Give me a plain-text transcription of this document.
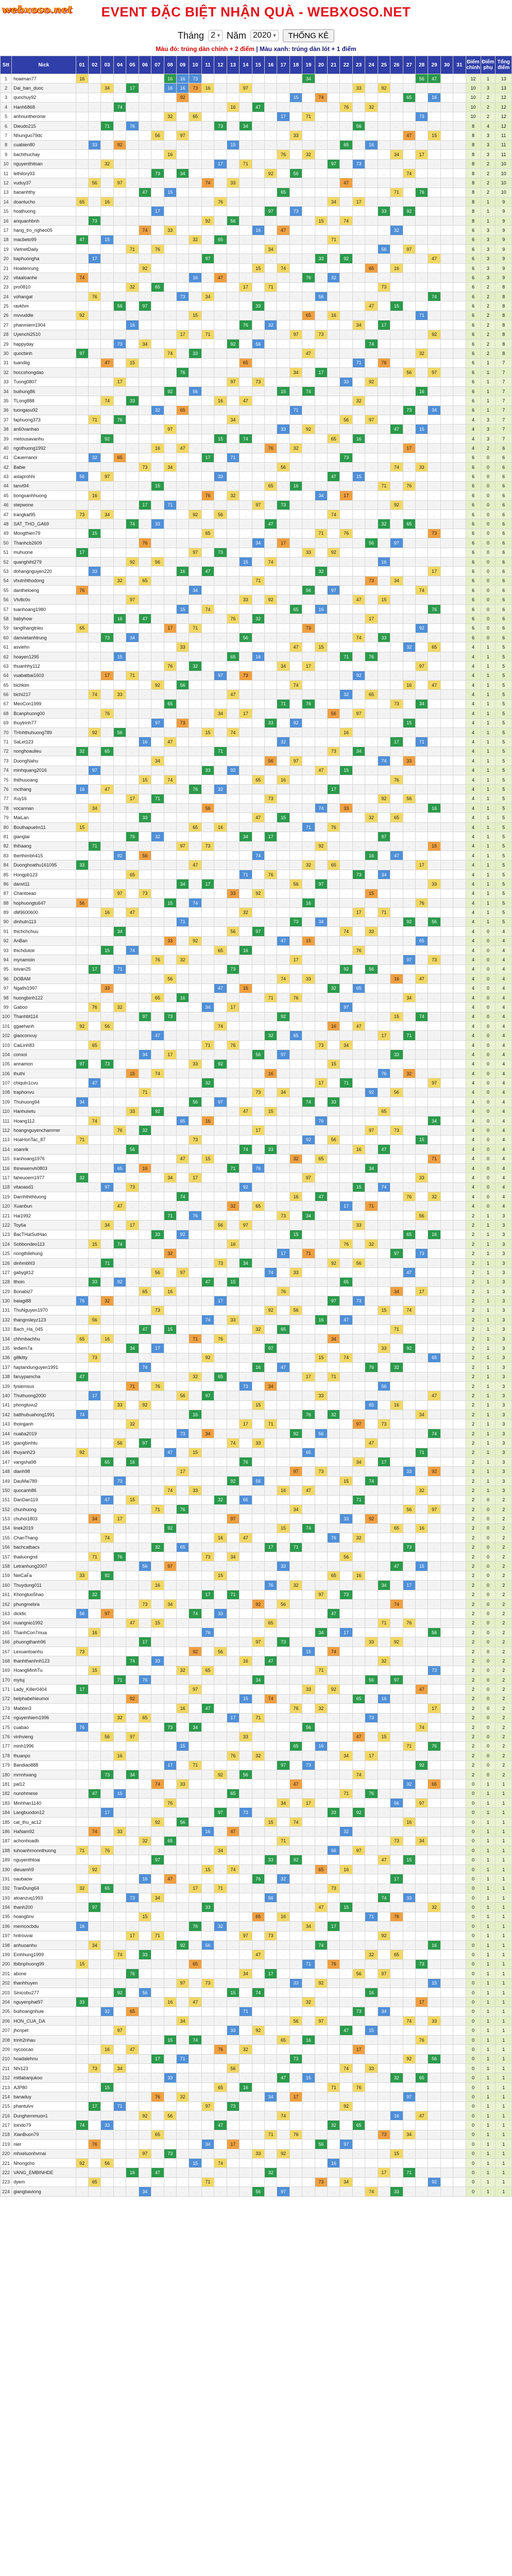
webxoso.net	EVENT ĐẶC BIỆT NHẬN QUÀ - WEBXOSO.NET
Tháng 2 ▾ Năm 2020 ▾	THỐNG KÊ
Màu đỏ: trúng dàn chính + 2 điểm | Màu xanh: trúng dàn lót + 1 điểm
Stt	Nick	01	02	03	04	05	06	07	08	09	10	11	12	13	14	15	16	17	18	19	20	21	22	23	24	25	26	27	28	29	30	31	Điểm chính	Điểm phụ	Tổng điểm
1	hoaiman77	16	.	.	.	.	.	.	16	16	73	.	.	.	.	.	.	.	.	34	.	.	.	.	.	.	.	.	56	47			12	1	13
2	Dai_ban_duoc	.	.	34	.	17	.	.	16	16	73	16	.	.	97	.	.	.	.	.	.	.	.	33	.	92	.	.	.	.			10	3	13
3	quochuy92	.	.	.	.	.	.	.	.	92	.	.	.	.	.	.	.	.	15	.	74	.	.	.	.	.	.	65	.	16			10	2	12
4	Hanh6868	.	.	.	74	.	.	.	.	.	.	.	.	16	.	47	.	.	.	.	.	.	76	.	32	.	.	.	.	.			10	2	12
5	anhnuntheronw	.	.	.	.	.	.	.	32	.	65	.	.	.	.	.	.	17	.	71	.	.	.	.	.	.	.	.	73	.			10	2	12
6	Dieudo215	.	.	71	.	76	.	.	.	.	.	.	73	.	34	.	.	.	.	.	.	.	.	56	.	.	.	.	.	.			8	4	12
7	Nhunguo79dc	.	.	.	.	.	.	56	.	97	.	.	.	.	.	.	.	.	33	.	.	.	.	.	.	.	.	47	.	15			8	3	11
8	cuabien80	.	33	.	92	.	.	.	.	.	.	.	.	15	.	.	.	.	.	.	.	.	65	.	16	.	.	.	.	.			8	3	11
9	bachthuchay	.	.	.	.	.	.	.	16	.	.	.	.	.	.	.	.	76	.	32	.	.	.	.	.	.	34	.	17	.			8	3	11
10	nguyenthitoan	.	.	32	.	.	.	.	.	.	.	.	17	.	71	.	.	.	.	.	.	97	.	73	.	.	.	.	.	.			8	2	10
11	lethilory93	.	.	.	.	.	.	73	.	34	.	.	.	.	.	.	92	.	56	.	.	.	.	.	.	.	.	74	.	.			8	2	10
12	vuduy37	.	56	.	97	.	.	.	.	.	.	74	.	33	.	.	.	.	.	.	.	.	47	.	.	.	.	.	.	.			8	2	10
13	baoanhthy	.	.	.	.	.	47	.	15	.	.	.	.	.	.	.	.	65	.	.	.	.	.	.	.	.	71	.	76	.			8	2	10
14	doantucho	65	.	16	.	.	.	.	.	.	.	.	76	.	.	.	.	.	.	.	.	34	.	17	.	.	.	.	.	.			8	1	9
15	hoathuong	.	.	.	.	.	.	17	.	.	.	.	.	.	.	.	97	.	73	.	.	.	.	.	.	33	.	92	.	.			8	1	9
16	anquanhbnh	.	73	.	.	.	.	.	.	.	.	92	.	56	.	.	.	.	.	.	15	.	74	.	.	.	.	.	.	.			8	1	9
17	hang_tro_ngheo05	.	.	.	.	.	74	.	33	.	.	.	.	.	.	16	.	47	.	.	.	.	.	.	.	.	32	.	.	.			6	3	9
18	macbeto99	47	.	15	.	.	.	.	.	.	32	.	65	.	.	.	.	.	.	.	.	71	.	.	.	.	.	.	.	.			6	3	9
19	VietnetDaily	.	.	.	.	71	.	76	.	.	.	.	.	.	.	.	34	.	.	.	.	.	.	.	.	56	.	97	.	.			6	3	9
20	baphuongha	.	17	.	.	.	.	.	.	.	.	97	.	.	.	.	.	.	.	.	33	.	92	.	.	.	.	.	.	47			6	3	9
21	Hoailenrung	.	.	.	.	.	92	.	.	.	.	.	.	.	.	15	.	74	.	.	.	.	.	.	65	.	16	.	.	.			6	3	9
22	vitaaloanhe	74	.	.	.	.	.	.	.	.	16	.	47	.	.	.	.	.	.	76	.	32	.	.	.	.	.	.	.	.			6	3	9
23	pro0810	.	.	.	.	32	.	65	.	.	.	.	.	.	17	.	71	.	.	.	.	.	.	.	.	73	.	.	.	.			6	2	8
24	vohangat	.	76	.	.	.	.	.	.	73	.	34	.	.	.	.	.	.	.	.	56	.	.	.	.	.	.	.	.	74			6	2	8
25	ravkhm	.	.	.	56	.	97	.	.	.	.	.	.	.	.	33	.	.	.	.	.	.	.	.	47	.	15	.	.	.			6	2	8
26	mvvuddle	92	.	.	.	.	.	.	.	.	15	.	.	.	.	.	.	.	.	65	.	16	.	.	.	.	.	.	71	.			6	2	8
27	phanmiem1904	.	.	.	.	16	.	.	.	.	.	.	.	.	76	.	32	.	.	.	.	.	.	34	.	17	.	.	.	.			6	2	8
28	Uyenchi2510	.	.	.	.	.	.	.	.	17	.	71	.	.	.	.	.	.	97	.	73	.	.	.	.	.	.	.	.	92			6	2	8
29	happyday	.	.	.	73	.	34	.	.	.	.	.	.	92	.	56	.	.	.	.	.	.	.	.	74	.	.	.	.	.			6	2	8
30	quocbinh	97	.	.	.	.	.	.	74	.	33	.	.	.	.	.	.	.	.	47	.	.	.	.	.	.	.	.	32	.			6	2	8
31	tuandiig	.	.	47	.	15	.	.	.	.	.	.	.	.	65	.	.	.	.	.	.	.	.	71	.	76	.	.	.	.			6	1	7
32	hoccshongdao	.	.	.	.	.	.	.	.	76	.	.	.	.	.	.	.	.	34	.	17	.	.	.	.	.	.	56	.	97			6	1	7
33	Tuong0807	.	.	.	17	.	.	.	.	.	.	.	.	97	.	73	.	.	.	.	.	.	33	.	92	.	.	.	.	.			6	1	7
34	buihung86	.	.	.	.	.	.	.	92	.	56	.	.	.	.	.	.	15	.	74	.	.	.	.	.	.	.	.	16	.			6	1	7
35	TLong888	.	.	74	.	33	.	.	.	.	.	.	16	.	47	.	.	.	.	.	.	.	.	32	.	.	.	.	.	.			6	1	7
36	tuongasu92	.	.	.	.	.	.	32	.	65	.	.	.	.	.	.	.	.	71	.	.	.	.	.	.	.	.	73	.	34			6	1	7
37	faphuong373	.	71	.	76	.	.	.	.	.	.	.	.	34	.	.	.	.	.	.	.	.	56	.	97	.	.	.	.	.			4	3	7
38	an60vanhao	.	.	.	.	.	.	.	97	.	.	.	.	.	.	.	.	33	.	92	.	.	.	.	.	.	47	.	15	.			4	3	7
39	metousavanhu	.	.	92	.	.	.	.	.	.	.	.	15	.	74	.	.	.	.	.	.	65	.	16	.	.	.	.	.	.			4	3	7
40	ngothuong1992	.	.	.	.	.	.	16	.	47	.	.	.	.	.	.	76	.	32	.	.	.	.	.	.	.	.	17	.	.			4	2	6
41	Cauemanoi	.	32	.	65	.	.	.	.	.	.	17	.	71	.	.	.	.	.	.	.	.	73	.	.	.	.	.	.	.			6	0	6
42	Babie	.	.	.	.	.	73	.	34	.	.	.	.	.	.	.	.	56	.	.	.	.	.	.	.	.	74	.	33	.			6	0	6
43	aslaprohhi	56	.	97	.	.	.	.	.	.	.	.	33	.	.	.	.	.	.	.	.	47	.	15	.	.	.	.	.	.			6	0	6
44	tanvt94	.	.	.	.	.	.	15	.	.	.	.	.	.	.	.	65	.	16	.	.	.	.	.	.	71	.	76	.	.			6	0	6
45	bongxanhhuong	.	16	.	.	.	.	.	.	.	.	76	.	32	.	.	.	.	.	.	34	.	17	.	.	.	.	.	.	.			6	0	6
46	stepwone	.	.	.	.	.	17	.	71	.	.	.	.	.	.	97	.	73	.	.	.	.	.	.	.	.	92	.	.	.			6	0	6
47	trangkat95	73	.	34	.	.	.	.	.	.	92	.	56	.	.	.	.	.	.	.	.	74	.	.	.	.	.	.	.	.			6	0	6
48	SAT_THO_GA69	.	.	.	.	74	.	33	.	.	.	.	.	.	.	.	47	.	.	.	.	.	.	.	.	32	.	65	.	.			6	0	6
49	Mongthien79	.	15	.	.	.	.	.	.	.	.	65	.	.	.	.	.	.	.	.	71	.	76	.	.	.	.	.	.	73			6	0	6
50	Thanhcb2609	.	.	.	.	.	76	.	.	.	.	.	.	.	.	34	.	17	.	.	.	.	.	.	56	.	97	.	.	.			6	0	6
51	muhuone	17	.	.	.	.	.	.	.	.	97	.	73	.	.	.	.	.	.	33	.	92	.	.	.	.	.	.	.	.			6	0	6
52	quanghiht279	.	.	.	.	92	.	56	.	.	.	.	.	.	15	.	74	.	.	.	.	.	.	.	.	16	.	.	.	.			6	0	6
53	dohangnguyen220	.	33	.	.	.	.	.	.	16	.	47	.	.	.	.	.	.	.	.	32	.	.	.	.	.	.	.	.	17			6	0	6
54	vhutnhthodong	.	.	.	32	.	65	.	.	.	.	.	.	.	.	71	.	.	.	.	.	.	.	.	73	.	34	.	.	.			6	0	6
55	dantheloeng	76	.	.	.	.	.	.	.	.	34	.	.	.	.	.	.	.	.	56	.	97	.	.	.	.	.	.	74	.			6	0	6
56	Vtv8c0o	.	.	.	.	97	.	.	.	.	.	.	.	.	33	.	92	.	.	.	.	.	.	47	.	15	.	.	.	.			6	0	6
57	tuanhoang1980	.	.	.	.	.	.	.	.	15	.	74	.	.	.	.	.	.	65	.	16	.	.	.	.	.	.	.	.	76			6	0	6
58	babyhow	.	.	.	16	.	47	.	.	.	.	.	.	76	.	32	.	.	.	.	.	.	.	.	17	.	.	.	.	.			6	0	6
59	tangthangtrieu	65	.	.	.	.	.	.	17	.	71	.	.	.	.	.	.	.	.	73	.	.	.	.	.	.	.	.	92	.			6	0	6
60	danvietanhtrung	.	.	73	.	34	.	.	.	.	.	.	.	.	56	.	.	.	.	.	.	.	.	74	.	33	.	.	.	.			6	0	6
61	asviehn	.	.	.	.	.	.	.	.	33	.	.	.	.	.	.	.	.	47	.	15	.	.	.	.	.	.	32	.	65			4	1	5
62	hoayen1295	.	.	.	15	.	.	.	.	.	.	.	.	65	.	16	.	.	.	.	.	.	71	.	76	.	.	.	.	.			4	1	5
63	thuanhhy112	.	.	.	.	.	.	.	76	.	32	.	.	.	.	.	.	34	.	17	.	.	.	.	.	.	.	.	97	.			4	1	5
64	vuabatbai1603	.	.	17	.	71	.	.	.	.	.	.	97	.	73	.	.	.	.	.	.	.	.	92	.	.	.	.	.	.			4	1	5
65	bichkim	.	.	.	.	.	.	92	.	56	.	.	.	.	.	.	.	.	74	.	.	.	.	.	.	.	.	16	.	47			4	1	5
66	bichi217	.	74	.	33	.	.	.	.	.	.	.	.	47	.	.	.	.	.	.	.	.	32	.	65	.	.	.	.	.			4	1	5
67	MeoCon1999	.	.	.	.	.	.	.	65	.	.	.	.	.	.	.	.	71	.	76	.	.	.	.	.	.	73	.	34	.			4	1	5
68	Bcanphuong00	.	.	76	.	.	.	.	.	.	.	.	34	.	17	.	.	.	.	.	.	56	.	97	.	.	.	.	.	.			4	1	5
69	thuytrinh77	.	.	.	.	.	.	97	.	73	.	.	.	.	.	.	33	.	92	.	.	.	.	.	.	.	.	15	.	.			4	1	5
70	THnhthuhuong789	.	92	.	56	.	.	.	.	.	.	15	.	74	.	.	.	.	.	.	.	.	16	.	.	.	.	.	.	.			4	1	5
71	SaLet123	.	.	.	.	.	16	.	47	.	.	.	.	.	.	.	.	32	.	.	.	.	.	.	.	.	17	.	71	.			4	1	5
72	nonghoaulieu	32	.	65	.	.	.	.	.	.	.	.	71	.	.	.	.	.	.	.	.	73	.	34	.	.	.	.	.	.			4	1	5
73	DuongNahu	.	.	.	.	.	.	34	.	.	.	.	.	.	.	.	56	.	97	.	.	.	.	.	.	74	.	33	.	.			4	1	5
74	minhquang2016	.	97	.	.	.	.	.	.	.	.	33	.	92	.	.	.	.	.	.	47	.	15	.	.	.	.	.	.	.			4	1	5
75	thithuuoang	.	.	.	.	.	15	.	74	.	.	.	.	.	.	65	.	16	.	.	.	.	.	.	.	.	76	.	.	.			4	1	5
76	mcthang	16	.	47	.	.	.	.	.	.	76	.	32	.	.	.	.	.	.	.	.	17	.	.	.	.	.	.	.	.			4	1	5
77	Xuy16	.	.	.	.	17	.	71	.	.	.	.	.	.	.	.	73	.	.	.	.	.	.	.	.	92	.	56	.	.			4	1	5
78	vocannan	.	34	.	.	.	.	.	.	.	.	56	.	.	.	.	.	.	.	.	74	.	33	.	.	.	.	.	.	16			4	1	5
79	MaiLan	.	.	.	.	.	33	.	.	.	.	.	.	.	.	47	.	15	.	.	.	.	.	.	32	.	65	.	.	.			4	1	5
80	Bouthapuelm11	15	.	.	.	.	.	.	.	.	65	.	16	.	.	.	.	.	.	71	.	76	.	.	.	.	.	.	.	.			4	1	5
81	gianglai	.	.	.	.	76	.	32	.	.	.	.	.	.	34	.	17	.	.	.	.	.	.	.	.	97	.	.	.	.			4	1	5
82	thihaang	.	71	.	.	.	.	.	.	97	.	73	.	.	.	.	.	.	.	.	92	.	.	.	.	.	.	.	.	15			4	1	5
83	lberthimbh415	.	.	.	92	.	56	.	.	.	.	.	.	.	.	74	.	.	.	.	.	.	.	.	16	.	47	.	.	.			4	1	5
84	Duonghoathu161095	33	.	.	.	.	.	.	.	.	47	.	.	.	.	.	.	.	.	32	.	65	.	.	.	.	.	.	17	.			4	1	5
85	Hongpb123	.	.	.	.	65	.	.	.	.	.	.	.	.	71	.	76	.	.	.	.	.	.	73	.	34	.	.	.	.			4	1	5
86	danvt11	.	.	.	.	.	.	.	.	34	.	17	.	.	.	.	.	.	56	.	97	.	.	.	.	.	.	.	.	33			4	1	5
87	Chantoeao	.	.	.	97	.	73	.	.	.	.	.	.	33	.	92	.	.	.	.	.	.	.	.	15	.	.	.	.	.			4	1	5
88	hophuongtu647	56	.	.	.	.	.	.	15	.	74	.	.	.	.	.	.	.	.	16	.	.	.	.	.	.	.	.	76	.			4	1	5
89	dM9600600	.	.	16	.	47	.	.	.	.	.	.	.	.	32	.	.	.	.	.	.	.	.	17	.	71	.	.	.	.			4	1	5
90	dinhutn113	.	.	.	.	.	.	.	.	71	.	.	.	.	.	.	.	.	73	.	34	.	.	.	.	.	.	92	.	56			4	1	5
91	thichchchuu	.	.	.	34	.	.	.	.	.	.	.	.	56	.	97	.	.	.	.	.	.	74	.	33	.	.	.	.	.			4	0	4
92	AnBan	.	.	.	.	.	.	.	33	.	92	.	.	.	.	.	.	47	.	15	.	.	.	.	.	.	.	.	65	.			4	0	4
93	thichdutoir	.	.	15	.	74	.	.	.	.	.	.	65	.	16	.	.	.	.	.	.	.	.	76	.	.	.	.	.	.			4	0	4
94	mynamoin	.	.	.	.	.	.	76	.	32	.	.	.	.	.	.	.	.	17	.	.	.	.	.	.	.	.	97	.	73			4	0	4
95	loivan25	.	17	.	71	.	.	.	.	.	.	.	.	73	.	.	.	.	.	.	.	.	92	.	56	.	.	.	.	.			4	0	4
96	DOBAM	.	.	.	.	.	.	.	56	.	.	.	.	.	.	.	.	74	.	33	.	.	.	.	.	.	16	.	47	.			4	0	4
97	Ngathi1997	.	.	33	.	.	.	.	.	.	.	.	47	.	15	.	.	.	.	.	.	32	.	65	.	.	.	.	.	.			4	0	4
98	huongbinh122	.	.	.	.	.	.	65	.	16	.	.	.	.	.	.	71	.	76	.	.	.	.	.	.	.	.	34	.	.			4	0	4
99	Gaboo	.	76	.	32	.	.	.	.	.	.	34	.	17	.	.	.	.	.	.	.	.	97	.	.	.	.	.	.	.			4	0	4
100	Thanhbt114	.	.	.	.	.	97	.	73	.	.	.	.	.	.	.	.	92	.	.	.	.	.	.	.	.	15	.	74	.			4	0	4
101	ggaehanh	92	.	56	.	.	.	.	.	.	.	.	74	.	.	.	.	.	.	.	.	16	.	47	.	.	.	.	.	.			4	0	4
102	giaoconvuy	.	.	.	.	.	.	47	.	.	.	.	.	.	.	.	32	.	65	.	.	.	.	.	.	17	.	71	.	.			4	0	4
103	CaiLinh83	.	65	.	.	.	.	.	.	.	.	71	.	76	.	.	.	.	.	.	73	.	34	.	.	.	.	.	.	.			4	0	4
104	conxoi	.	.	.	.	.	34	.	17	.	.	.	.	.	.	56	.	97	.	.	.	.	.	.	.	.	33	.	.	.			4	0	4
105	annamon	97	.	73	.	.	.	.	.	.	33	.	92	.	.	.	.	.	.	.	.	15	.	.	.	.	.	.	.	.			4	0	4
106	thuthi	.	.	.	.	15	.	74	.	.	.	.	.	.	.	.	16	.	.	.	.	.	.	.	.	76	.	32	.	.			4	0	4
107	chiquln1cvu	.	47	.	.	.	.	.	.	.	.	32	.	.	.	.	.	.	.	.	17	.	71	.	.	.	.	.	.	97			4	0	4
108	traphonvu	.	.	.	.	.	71	.	.	.	.	.	.	.	.	73	.	34	.	.	.	.	.	.	92	.	56	.	.	.			4	0	4
109	Thuhuong94	34	.	.	.	.	.	.	.	.	56	.	97	.	.	.	.	.	.	74	.	33	.	.	.	.	.	.	.	.			4	0	4
110	Hanhuiwtu	.	.	.	.	33	.	92	.	.	.	.	.	.	47	.	15	.	.	.	.	.	.	.	.	65	.	.	.	.			4	0	4
111	Hoang112	.	74	.	.	.	.	.	.	65	.	16	.	.	.	.	.	.	.	.	76	.	.	.	.	.	.	.	.	34			4	0	4
112	hoangnguyenchamrrer	.	.	.	76	.	32	.	.	.	.	.	.	.	.	17	.	.	.	.	.	.	.	.	97	.	73	.	.	.			4	0	4
113	HoaHonTac_87	71	.	.	.	.	.	.	.	.	73	.	.	.	.	.	.	.	.	92	.	56	.	.	.	.	.	.	15	.			4	0	4
114	xoanrik	.	.	.	.	56	.	.	.	.	.	.	.	.	74	.	33	.	.	.	.	.	.	16	.	47	.	.	.	.			4	0	4
115	tranhoang1976	.	.	.	.	.	.	.	.	47	.	15	.	.	.	.	.	.	32	.	65	.	.	.	.	.	.	.	.	71			4	0	4
116	thinewenvh0803	.	.	.	65	.	16	.	.	.	.	.	.	71	.	76	.	.	.	.	.	.	.	.	34	.	.	.	.	.			4	0	4
117	faheuoem1977	32	.	.	.	.	.	.	34	.	17	.	.	.	.	.	.	.	.	97	.	.	.	.	.	.	.	.	33	.			4	0	4
118	vitaoasd1	.	.	97	.	73	.	.	.	.	.	.	.	.	92	.	.	.	.	.	.	.	.	15	.	74	.	.	.	.			4	0	4
119	Damhthithtuong	.	.	.	.	.	.	.	.	74	.	.	.	.	.	.	.	.	16	.	47	.	.	.	.	.	.	76	.	32			4	0	4
120	Xuanbun	.	.	.	47	.	.	.	.	.	.	.	.	32	.	65	.	.	.	.	.	.	17	.	71	.	.	.	.	.			4	0	4
121	Hai1992	.	.	.	.	.	.	.	71	.	76	.	.	.	.	.	.	73	.	34	.	.	.	.	.	.	.	.	56	.			2	1	3
122	Toy6a	.	.	34	.	17	.	.	.	.	.	.	56	.	97	.	.	.	.	.	.	.	.	33	.	.	.	.	.	.			2	1	3
123	BacTHaiSutHao	.	.	.	.	.	.	33	.	92	.	.	.	.	.	.	.	.	15	.	.	.	.	.	.	.	.	65	.	16			2	1	3
124	Sobbondeo113	.	15	.	74	.	.	.	.	.	.	.	.	16	.	.	.	.	.	.	.	.	76	.	32	.	.	.	.	.			2	1	3
125	nongthilehung	.	.	.	.	.	.	.	32	.	.	.	.	.	.	.	.	17	.	71	.	.	.	.	.	.	97	.	73	.			2	1	3
126	dinhmbhl3	.	.	71	.	.	.	.	.	.	.	.	73	.	34	.	.	.	.	.	.	92	.	56	.	.	.	.	.	.			2	1	3
127	gabygit12	.	.	.	.	.	.	56	.	97	.	.	.	.	.	.	74	.	33	.	.	.	.	.	.	.	.	47	.	.			2	1	3
128	lthoin	.	33	.	92	.	.	.	.	.	.	47	.	15	.	.	.	.	.	.	.	.	65	.	.	.	.	.	.	.			2	1	3
129	Bonabiz7	.	.	.	.	.	65	.	16	.	.	.	.	.	.	.	.	76	.	.	.	.	.	.	.	.	34	.	17	.			2	1	3
130	baiagi88	76	.	32	.	.	.	.	.	.	.	.	17	.	.	.	.	.	.	.	.	97	.	73	.	.	.	.	.	.			2	1	3
131	ThuNguyen1970	.	.	.	.	.	.	73	.	.	.	.	.	.	.	.	92	.	56	.	.	.	.	.	.	15	.	74	.	.			2	1	3
132	thangnsleyz123	.	56	.	.	.	.	.	.	.	.	74	.	33	.	.	.	.	.	.	16	.	47	.	.	.	.	.	.	.			2	1	3
133	Bach_Ha_045	.	.	.	.	.	47	.	15	.	.	.	.	.	.	32	.	65	.	.	.	.	.	.	.	.	71	.	.	.			2	1	3
134	chhmbachhu	65	.	16	.	.	.	.	.	.	71	.	76	.	.	.	.	.	.	.	.	34	.	.	.	.	.	.	.	.			2	1	3
135	lediem7a	.	.	.	.	34	.	17	.	.	.	.	.	.	.	.	97	.	.	.	.	.	.	.	.	33	.	92	.	.			2	1	3
136	gillkitty	.	73	.	.	.	.	.	.	.	.	92	.	.	.	.	.	.	.	.	15	.	74	.	.	.	.	.	.	65			2	1	3
137	haplandunguyen1991	.	.	.	.	.	74	.	.	.	.	.	.	.	.	16	.	47	.	.	.	.	.	.	76	.	32	.	.	.			2	1	3
138	faruypamcha	47	.	.	.	.	.	.	.	.	32	.	65	.	.	.	.	.	.	17	.	71	.	.	.	.	.	.	.	.			2	1	3
139	fysiemsus	.	.	.	.	71	.	76	.	.	.	.	.	.	73	.	34	.	.	.	.	.	.	.	.	56	.	.	.	.			2	1	3
140	Thuthuong2000	.	17	.	.	.	.	.	.	56	.	97	.	.	.	.	.	.	.	.	33	.	.	.	.	.	.	.	.	47			2	1	3
141	phongluvu2	.	.	.	33	.	92	.	.	.	.	.	.	.	.	15	.	.	.	.	.	.	.	.	65	.	16	.	.	.			2	1	3
142	batthubuahong1991	74	.	.	.	.	.	.	.	.	16	.	.	.	.	.	.	.	.	76	.	32	.	.	.	.	.	.	34	.			2	1	3
143	thoinjjanh	.	.	.	.	32	.	.	.	.	.	.	.	.	17	.	71	.	.	.	.	.	.	97	.	73	.	.	.	.			2	1	3
144	nuaba2019	.	.	.	.	.	.	.	.	73	.	34	.	.	.	.	.	.	92	.	56	.	.	.	.	.	.	.	.	74			2	1	3
145	giangbinhtu	.	.	.	56	.	97	.	.	.	.	.	.	74	.	33	.	.	.	.	.	.	.	.	47	.	.	.	.	.			2	1	3
146	thuyanh23	92	.	.	.	.	.	.	47	.	15	.	.	.	.	.	.	.	.	65	.	.	.	.	.	.	.	.	71	.			2	1	3
147	vangsha98	.	.	65	.	16	.	.	.	.	.	.	.	.	76	.	.	.	.	.	.	.	.	34	.	17	.	.	.	.			2	1	3
148	dianh98	.	.	.	.	.	.	.	.	17	.	.	.	.	.	.	.	.	97	.	73	.	.	.	.	.	.	33	.	92			2	1	3
149	DauMai789	.	.	.	73	.	.	.	.	.	.	.	.	92	.	56	.	.	.	.	.	.	15	.	74	.	.	.	.	.			2	1	3
150	quocanh86	.	.	.	.	.	.	.	74	.	33	.	.	.	.	.	.	16	.	47	.	.	.	.	.	.	.	.	32	.			2	1	3
151	DanDan119	.	.	47	.	15	.	.	.	.	.	.	32	.	65	.	.	.	.	.	.	.	.	71	.	.	.	.	.	.			2	0	2
152	chunhuong	.	.	.	.	.	.	71	.	76	.	.	.	.	.	.	.	.	34	.	.	.	.	.	.	.	.	56	.	97			2	0	2
153	chuhoi1803	.	34	.	17	.	.	.	.	.	.	.	.	97	.	.	.	.	.	.	.	.	33	.	92	.	.	.	.	.			2	0	2
154	linek2019	.	.	.	.	.	.	.	92	.	.	.	.	.	.	.	.	15	.	74	.	.	.	.	.	.	65	.	16	.			2	0	2
155	ChanThang	.	.	74	.	.	.	.	.	.	.	.	16	.	47	.	.	.	.	.	.	76	.	32	.	.	.	.	.	.			2	0	2
156	bachcatbacs	.	.	.	.	.	.	32	.	65	.	.	.	.	.	.	17	.	71	.	.	.	.	.	.	.	.	73	.	.			2	0	2
157	thailuongnd	.	71	.	76	.	.	.	.	.	.	73	.	34	.	.	.	.	.	.	.	.	56	.	.	.	.	.	.	.			2	0	2
158	Letranhung2007	.	.	.	.	.	56	.	97	.	.	.	.	.	.	.	.	33	.	.	.	.	.	.	.	.	47	.	15	.			2	0	2
159	NeiCaFa	33	.	92	.	.	.	.	.	.	.	.	15	.	.	.	.	.	.	.	.	65	.	16	.	.	.	.	.	.			2	0	2
160	Thuydung011	.	.	.	.	.	.	16	.	.	.	.	.	.	.	.	76	.	32	.	.	.	.	.	.	34	.	17	.	.			2	0	2
161	Khongtuo5hao	.	32	.	.	.	.	.	.	.	.	17	.	71	.	.	.	.	.	.	97	.	73	.	.	.	.	.	.	.			2	0	2
162	phungmebra	.	.	.	.	.	73	.	34	.	.	.	.	.	.	92	.	56	.	.	.	.	.	.	.	.	74	.	.	.			2	0	2
163	dicktic	56	.	97	.	.	.	.	.	.	74	.	33	.	.	.	.	.	.	.	.	47	.	.	.	.	.	.	.	.			2	0	2
164	nuangnio1992	.	.	.	.	47	.	15	.	.	.	.	.	.	.	.	65	.	.	.	.	.	.	.	.	71	.	76	.	.			2	0	2
165	ThanhCon7mua	.	16	.	.	.	.	.	.	.	.	76	.	.	.	.	.	.	.	.	34	.	17	.	.	.	.	.	.	56			2	0	2
166	phuongthanh96	.	.	.	.	.	17	.	.	.	.	.	.	.	.	97	.	73	.	.	.	.	.	.	33	.	92	.	.	.			2	0	2
167	Lexuantoanhu	73	.	.	.	.	.	.	.	.	92	.	56	.	.	.	.	.	.	15	.	74	.	.	.	.	.	.	.	.			2	0	2
168	thanhthanhnh123	.	.	.	.	74	.	33	.	.	.	.	.	.	16	.	47	.	.	.	.	.	.	.	.	32	.	.	.	.			2	0	2
169	HoangMinhTu	.	15	.	.	.	.	.	.	32	.	65	.	.	.	.	.	.	.	.	71	.	.	.	.	.	.	.	.	73			2	0	2
170	mytuj	.	.	.	71	.	76	.	.	.	.	.	.	.	.	34	.	.	.	.	.	.	.	.	56	.	97	.	.	.			2	0	2
171	Lady_Killer0404	17	.	.	.	.	.	.	.	.	97	.	.	.	.	.	.	.	.	33	.	92	.	.	.	.	.	.	47	.			2	0	2
172	belphabehieumoi	.	.	.	.	92	.	.	.	.	.	.	.	.	15	.	74	.	.	.	.	.	.	65	.	16	.	.	.	.			2	0	2
173	Mabbin3	.	.	.	.	.	.	.	.	16	.	47	.	.	.	.	.	.	76	.	32	.	.	.	.	.	.	.	.	17			2	0	2
174	nguyenhiem1996	.	.	.	32	.	65	.	.	.	.	.	.	17	.	71	.	.	.	.	.	.	.	.	73	.	.	.	.	.			2	0	2
175	cuabao	76	.	.	.	.	.	.	73	.	34	.	.	.	.	.	.	.	.	56	.	.	.	.	.	.	.	.	74	.			2	0	2
176	vinhvieng	.	.	56	.	97	.	.	.	.	.	.	.	.	33	.	.	.	.	.	.	.	.	47	.	15	.	.	.	.			2	0	2
177	minh1996	.	.	.	.	.	.	.	.	15	.	.	.	.	.	.	.	.	65	.	16	.	.	.	.	.	.	71	.	76			2	0	2
178	thuanpo	.	.	.	16	.	.	.	.	.	.	.	.	76	.	32	.	.	.	.	.	.	34	.	17	.	.	.	.	.			2	0	2
179	Bandiao888	.	.	.	.	.	.	.	17	.	71	.	.	.	.	.	.	97	.	73	.	.	.	.	.	.	.	.	92	.			2	0	2
180	mmnhxang	.	.	73	.	34	.	.	.	.	.	.	92	.	56	.	.	.	.	.	.	.	.	74	.	.	.	.	.	.			2	0	2
181	pal12	.	.	.	.	.	.	74	.	33	.	.	.	.	.	.	.	.	47	.	.	.	.	.	.	.	.	32	.	65			0	1	1
182	nunohmese	.	47	.	15	.	.	.	.	.	.	.	.	65	.	.	.	.	.	.	.	.	71	.	76	.	.	.	.	.			0	1	1
183	Minhhan1140	.	.	.	.	.	.	.	76	.	.	.	.	.	.	.	.	34	.	17	.	.	.	.	.	.	56	.	97	.			0	1	1
184	Langbuodon12	.	.	17	.	.	.	.	.	.	.	.	97	.	73	.	.	.	.	.	.	33	.	92	.	.	.	.	.	.			0	1	1
185	cat_thu_ac12	.	.	.	.	.	.	92	.	56	.	.	.	.	.	.	15	.	74	.	.	.	.	.	.	.	.	16	.	.			0	1	1
186	HaNam92	.	74	.	33	.	.	.	.	.	.	16	.	47	.	.	.	.	.	.	.	.	32	.	.	.	.	.	.	.			0	1	1
187	achonhoadb	.	.	.	.	.	32	.	65	.	.	.	.	.	.	.	.	71	.	.	.	.	.	.	.	.	73	.	34	.			0	1	1
188	tuhoanhmonnthuong	71	.	76	.	.	.	.	.	.	.	.	34	.	.	.	.	.	.	.	.	56	.	97	.	.	.	.	.	.			0	1	1
189	nguyenthtoai	.	.	.	.	.	.	97	.	.	.	.	.	.	.	.	33	.	92	.	.	.	.	.	.	47	.	15	.	.			0	1	1
190	dieuamh9	.	92	.	.	.	.	.	.	.	.	15	.	74	.	.	.	.	.	.	65	.	16	.	.	.	.	.	.	.			0	1	1
191	oaubaow	.	.	.	.	.	16	.	47	.	.	.	.	.	.	76	.	32	.	.	.	.	.	.	.	.	17	.	.	.			0	1	1
192	TranDung64	32	.	65	.	.	.	.	.	.	17	.	71	.	.	.	.	.	.	.	.	73	.	.	.	.	.	.	.	.			0	1	1
193	atoanzuq1993	.	.	.	.	73	.	34	.	.	.	.	.	.	.	.	56	.	.	.	.	.	.	.	.	74	.	33	.	.			0	1	1
194	thanh200	.	97	.	.	.	.	.	.	.	.	33	.	.	.	.	.	.	.	.	47	.	15	.	.	.	.	.	.	32			0	1	1
195	hoangbnv	.	.	.	.	.	15	.	.	.	.	.	.	.	.	65	.	16	.	.	.	.	.	.	71	.	76	.	.	.			0	1	1
196	memcocbdu	16	.	.	.	.	.	.	.	.	76	.	32	.	.	.	.	.	.	34	.	17	.	.	.	.	.	.	.	.			0	1	1
197	hntrouvai	.	.	.	.	17	.	71	.	.	.	.	.	.	97	.	73	.	.	.	.	.	.	.	.	92	.	.	.	.			0	1	1
198	anhuoanhu	.	34	.	.	.	.	.	.	92	.	56	.	.	.	.	.	.	.	.	74	.	.	.	.	.	.	.	.	16			0	1	1
199	Emhhung1999	.	.	.	74	.	33	.	.	.	.	.	.	.	.	47	.	.	.	.	.	.	.	.	32	.	65	.	.	.			0	1	1
200	tbibnphuong99	15	.	.	.	.	.	.	.	.	65	.	.	.	.	.	.	.	.	71	.	76	.	.	.	.	.	.	73	.			0	1	1
201	abone	.	.	.	.	76	.	.	.	.	.	.	.	.	34	.	17	.	.	.	.	.	.	56	.	97	.	.	.	.			0	1	1
202	thanhhuyen	.	.	.	.	.	.	.	.	97	.	73	.	.	.	.	.	.	33	.	92	.	.	.	.	.	.	.	.	15			0	1	1
203	Sinicobu277	.	.	.	92	.	56	.	.	.	.	.	.	15	.	74	.	.	.	.	.	.	.	.	16	.	.	.	.	.			0	1	1
204	nguyenphat97	33	.	.	.	.	.	.	16	.	47	.	.	.	.	.	.	.	.	32	.	.	.	.	.	.	.	.	17	.			0	1	1
205	buihoangnhuie	.	.	32	.	65	.	.	.	.	.	.	.	.	71	.	.	.	.	.	.	.	.	73	.	34	.	.	.	.			0	1	1
206	HON_CUA_DA	.	.	.	.	.	.	.	.	34	.	.	.	.	.	.	.	.	56	.	97	.	.	.	.	.	.	74	.	33			0	1	1
207	jhcnpet	.	.	.	97	.	.	.	.	.	.	.	.	33	.	92	.	.	.	.	.	.	47	.	15	.	.	.	.	.			0	1	1
208	trinh2nhau	.	.	.	.	.	.	.	15	.	74	.	.	.	.	.	.	65	.	16	.	.	.	.	.	.	.	.	76	.			0	1	1
209	nycoocao	.	.	16	.	47	.	.	.	.	.	.	76	.	32	.	.	.	.	.	.	.	.	17	.	.	.	.	.	.			0	1	1
210	hoadalehnu	.	.	.	.	.	.	17	.	71	.	.	.	.	.	.	.	.	73	.	.	.	.	.	.	.	.	92	.	56			0	1	1
211	Nhi123	.	73	.	34	.	.	.	.	.	.	.	.	56	.	.	.	.	.	.	.	.	74	.	33	.	.	.	.	.			0	1	1
212	mittabanjukoo	.	.	.	.	.	.	.	33	.	.	.	.	.	.	.	.	47	.	15	.	.	.	.	.	.	32	.	65	.			0	1	1
213	AJP80	.	.	15	.	.	.	.	.	.	.	.	65	.	16	.	.	.	.	.	.	71	.	76	.	.	.	.	.	.			0	1	1
214	banaduy	.	.	.	.	.	.	76	.	32	.	.	.	.	.	.	34	.	17	.	.	.	.	.	.	.	.	97	.	.			0	1	1
215	phantulvv	.	17	.	71	.	.	.	.	.	.	97	.	73	.	.	.	.	.	.	.	.	92	.	.	.	.	.	.	.			0	1	1
216	Dunghemmuon1	.	.	.	.	.	92	.	56	.	.	.	.	.	.	.	.	74	.	.	.	.	.	.	.	.	16	.	47	.			0	1	1
217	loindo79	74	.	33	.	.	.	.	.	.	.	.	47	.	.	.	.	.	.	.	.	32	.	65	.	.	.	.	.	.			0	1	1
218	XianBuon79	.	.	.	.	.	.	65	.	.	.	.	.	.	.	.	71	.	76	.	.	.	.	.	.	73	.	34	.	.			0	1	1
219	nier	.	76	.	.	.	.	.	.	.	.	34	.	17	.	.	.	.	.	.	56	.	97	.	.	.	.	.	.	.			0	1	1
220	mhxeluonhvmai	.	.	.	.	.	97	.	73	.	.	.	.	.	.	33	.	92	.	.	.	.	.	.	.	.	15	.	.	.			0	1	1
221	Nhongcho	92	.	56	.	.	.	.	.	.	15	.	74	.	.	.	.	.	.	.	.	16	.	.	.	.	.	.	.	.			0	1	1
222	VANG_EMBINHDE	.	.	.	.	16	.	47	.	.	.	.	.	.	.	.	32	.	.	.	.	.	.	.	.	17	.	71	.	.			0	1	1
223	dyem	.	65	.	.	.	.	.	.	.	.	71	.	.	.	.	.	.	.	.	73	.	34	.	.	.	.	.	.	92			0	1	1
224	giangbaviong	.	.	.	.	.	34	.	.	.	.	.	.	.	.	56	.	97	.	.	.	.	.	.	74	.	33	.	.	.			0	1	1
